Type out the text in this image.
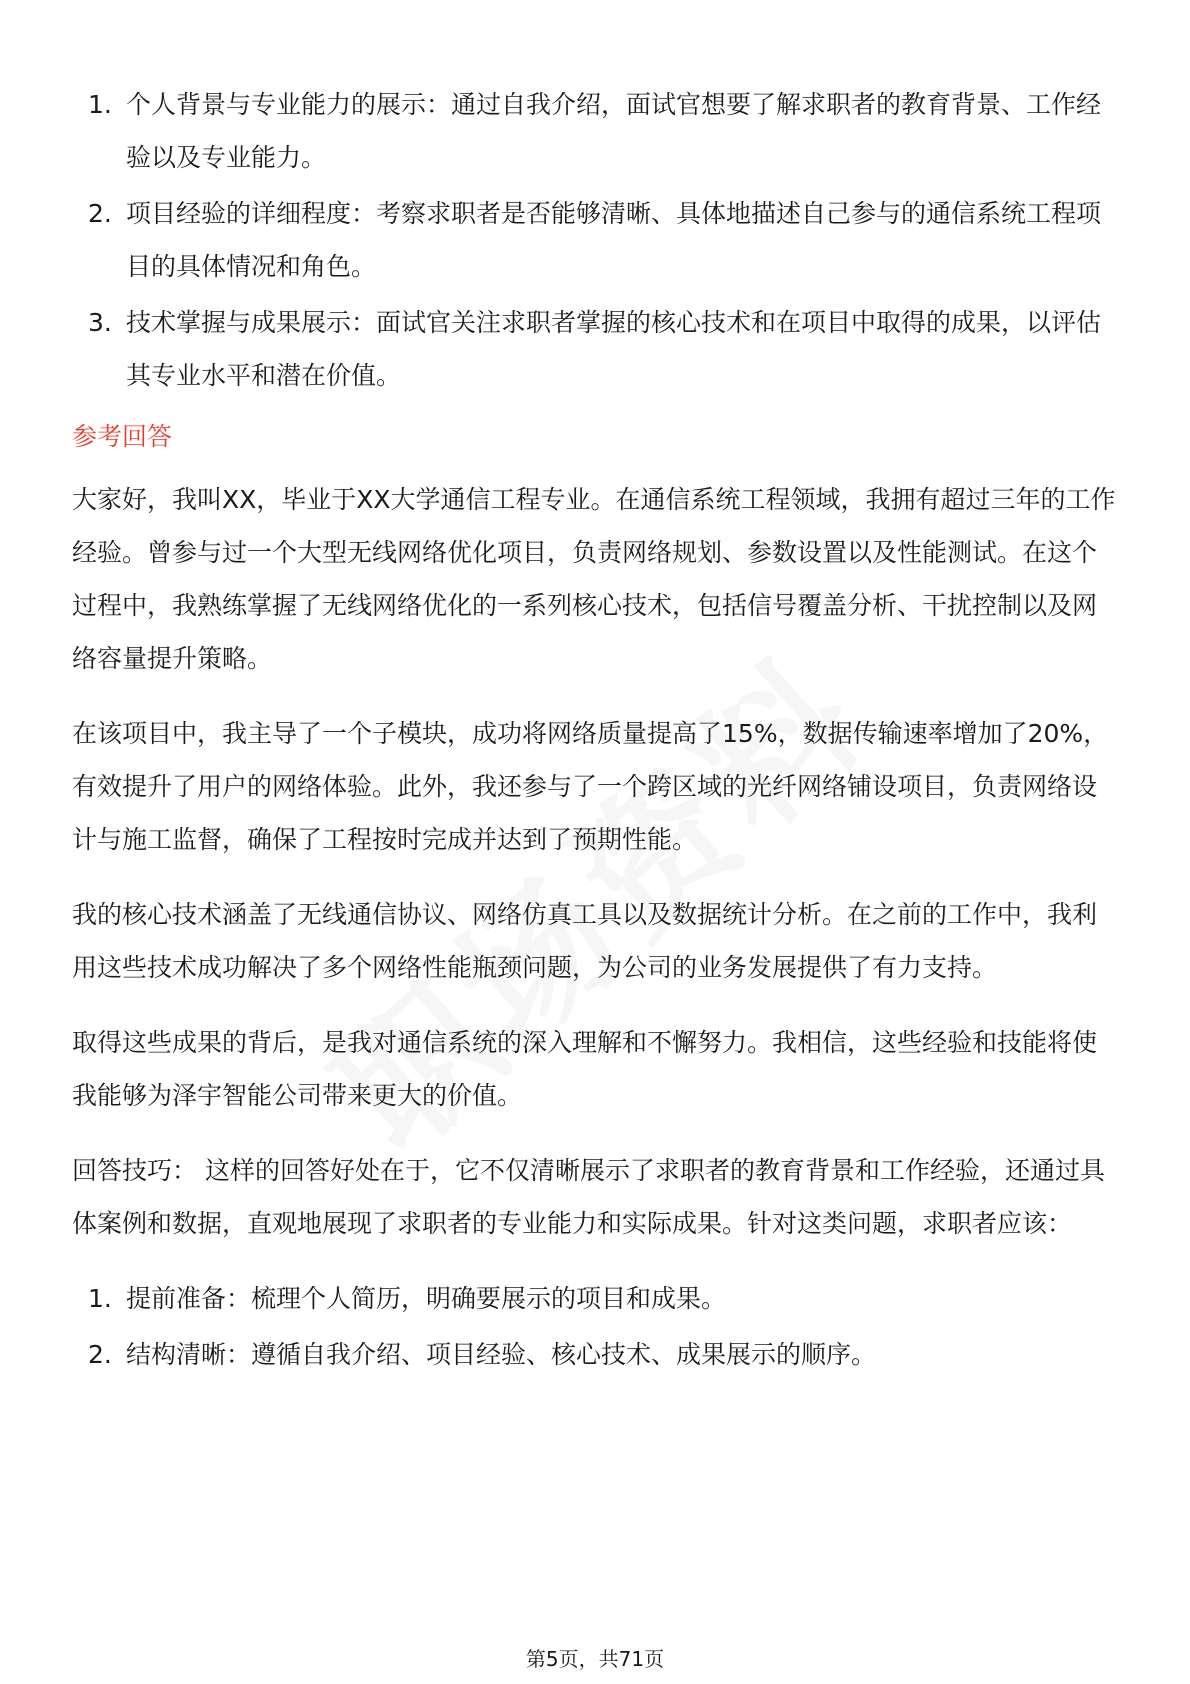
1. 个人背景与专业能力的展示：通过自我介绍，面试官想要了解求职者的教育背景、工作经验以及专业能力。
2. 项目经验的详细程度：考察求职者是否能够清晰、具体地描述自己参与的通信系统工程项目的具体情况和角色。
3. 技术掌握与成果展示：面试官关注求职者掌握的核心技术和在项目中取得的成果，以评估其专业水平和潜在价值。
参考回答

大家好，我叫XX，毕业于XX大学通信工程专业。在通信系统工程领域，我拥有超过三年的工作经验。曾参与过一个大型无线网络优化项目，负责网络规划、参数设置以及性能测试。在这个过程中，我熟练掌握了无线网络优化的一系列核心技术，包括信号覆盖分析、干扰控制以及网络容量提升策略。

在该项目中，我主导了一个子模块，成功将网络质量提高了15%，数据传输速率增加了20%，有效提升了用户的网络体验。此外，我还参与了一个跨区域的光纤网络铺设项目，负责网络设计与施工监督，确保了工程按时完成并达到了预期性能。

我的核心技术涵盖了无线通信协议、网络仿真工具以及数据统计分析。在之前的工作中，我利用这些技术成功解决了多个网络性能瓶颈问题，为公司的业务发展提供了有力支持。

取得这些成果的背后，是我对通信系统的深入理解和不懈努力。我相信，这些经验和技能将使我能够为泽宇智能公司带来更大的价值。

回答技巧： 这样的回答好处在于，它不仅清晰展示了求职者的教育背景和工作经验，还通过具体案例和数据，直观地展现了求职者的专业能力和实际成果。针对这类问题，求职者应该：

1. 提前准备：梳理个人简历，明确要展示的项目和成果。
2. 结构清晰：遵循自我介绍、项目经验、核心技术、成果展示的顺序。
第5页，共71页
